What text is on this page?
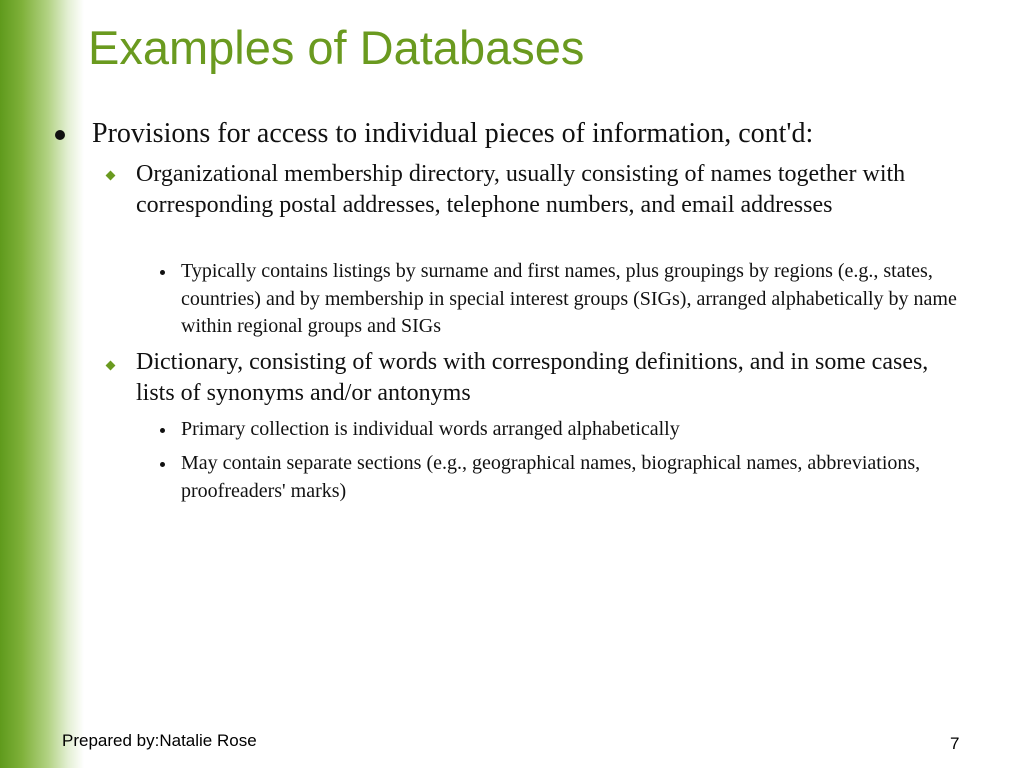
Examples of Databases

Provisions for access to individual pieces of information, cont'd:

Organizational membership directory, usually consisting of names together with corresponding postal addresses, telephone numbers, and email addresses

Typically contains listings by surname and first names, plus groupings by regions (e.g., states, countries) and by membership in special interest groups (SIGs), arranged alphabetically by name within regional groups and SIGs

Dictionary, consisting of words with corresponding definitions, and in some cases, lists of synonyms and/or antonyms

Primary collection is individual words arranged alphabetically

May contain separate sections (e.g., geographical names, biographical names, abbreviations, proofreaders' marks)

Prepared by:Natalie Rose	7
